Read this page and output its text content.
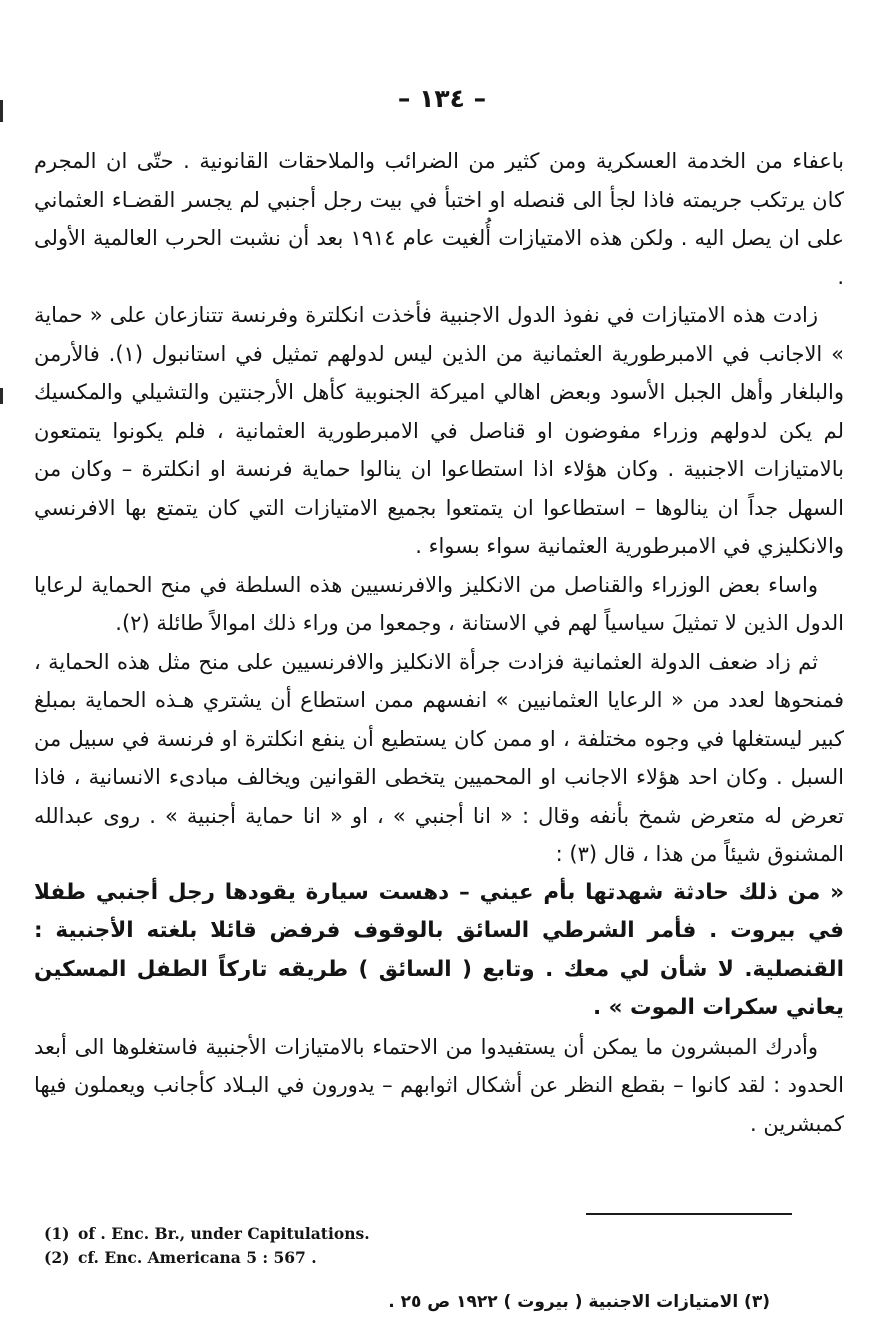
– ١٣٤ –

باعفاء من الخدمة العسكرية ومن كثير من الضرائب والملاحقات القانونية . حتّى ان المجرم كان يرتكب جريمته فاذا لجأ الى قنصله او اختبأ في بيت رجل أجنبي لم يجسر القضـاء العثماني على ان يصل اليه . ولكن هذه الامتيازات أُلغيت عام ١٩١٤ بعد أن نشبت الحرب العالمية الأولى .

زادت هذه الامتيازات في نفوذ الدول الاجنبية فأخذت انكلترة وفرنسة تتنازعان على « حماية » الاجانب في الامبرطورية العثمانية من الذين ليس لدولهم تمثيل في استانبول (١). فالأرمن والبلغار وأهل الجبل الأسود وبعض اهالي اميركة الجنوبية كأهل الأرجنتين والتشيلي والمكسيك لم يكن لدولهم وزراء مفوضون او قناصل في الامبرطورية العثمانية ، فلم يكونوا يتمتعون بالامتيازات الاجنبية . وكان هؤلاء اذا استطاعوا ان ينالوا حماية فرنسة او انكلترة – وكان من السهل جداً ان ينالوها – استطاعوا ان يتمتعوا بجميع الامتيازات التي كان يتمتع بها الافرنسي والانكليزي في الامبرطورية العثمانية سواء بسواء .

واساء بعض الوزراء والقناصل من الانكليز والافرنسيين هذه السلطة في منح الحماية لرعايا الدول الذين لا تمثيلَ سياسياً لهم في الاستانة ، وجمعوا من وراء ذلك اموالاً طائلة (٢).

ثم زاد ضعف الدولة العثمانية فزادت جرأة الانكليز والافرنسيين على منح مثل هذه الحماية ، فمنحوها لعدد من « الرعايا العثمانيين » انفسهم ممن استطاع أن يشتري هـذه الحماية بمبلغ كبير ليستغلها في وجوه مختلفة ، او ممن كان يستطيع أن ينفع انكلترة او فرنسة في سبيل من السبل . وكان احد هؤلاء الاجانب او المحميين يتخطى القوانين ويخالف مبادىء الانسانية ، فاذا تعرض له متعرض شمخ بأنفه وقال : « انا أجنبي » ، او « انا حماية أجنبية » . روى عبدالله المشنوق شيئاً من هذا ، قال (٣) :

« من ذلك حادثة شهدتها بأم عيني – دهست سيارة يقودها رجل أجنبي طفلا في بيروت . فأمر الشرطي السائق بالوقوف فرفض قائلا بلغته الأجنبية : القنصلية. لا شأن لي معك . وتابع ( السائق ) طريقه تاركاً الطفل المسكين يعاني سكرات الموت » .

وأدرك المبشرون ما يمكن أن يستفيدوا من الاحتماء بالامتيازات الأجنبية فاستغلوها الى أبعد الحدود : لقد كانوا – بقطع النظر عن أشكال اثوابهم – يدورون في البـلاد كأجانب ويعملون فيها كمبشرين .

(1) of . Enc. Br., under Capitulations.
(2) cf. Enc. Americana 5 : 567 .
(٣) الامتيازات الاجنبية ( بيروت ) ١٩٢٢ ص ٢٥ .
